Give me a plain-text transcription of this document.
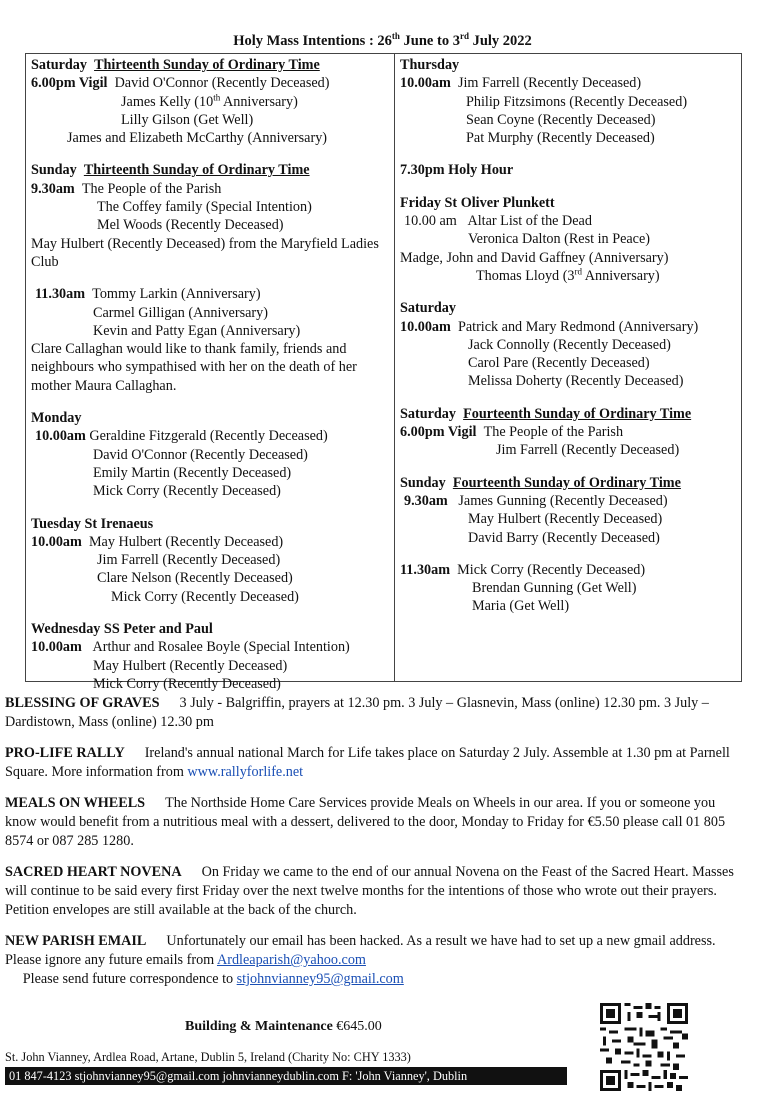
Holy Mass Intentions : 26th June to 3rd July 2022
Saturday Thirteenth Sunday of Ordinary Time
6.00pm Vigil David O'Connor (Recently Deceased)
James Kelly (10th Anniversary)
Lilly Gilson (Get Well)
James and Elizabeth McCarthy (Anniversary)
Sunday Thirteenth Sunday of Ordinary Time
9.30am The People of the Parish
The Coffey family (Special Intention)
Mel Woods (Recently Deceased)
May Hulbert (Recently Deceased) from the Maryfield Ladies Club
11.30am Tommy Larkin (Anniversary)
Carmel Gilligan (Anniversary)
Kevin and Patty Egan (Anniversary)
Clare Callaghan would like to thank family, friends and neighbours who sympathised with her on the death of her mother Maura Callaghan.
Monday
10.00am Geraldine Fitzgerald (Recently Deceased)
David O'Connor (Recently Deceased)
Emily Martin (Recently Deceased)
Mick Corry (Recently Deceased)
Tuesday St Irenaeus
10.00am May Hulbert (Recently Deceased)
Jim Farrell (Recently Deceased)
Clare Nelson (Recently Deceased)
Mick Corry (Recently Deceased)
Wednesday SS Peter and Paul
10.00am Arthur and Rosalee Boyle (Special Intention)
May Hulbert (Recently Deceased)
Mick Corry (Recently Deceased)
Thursday
10.00am Jim Farrell (Recently Deceased)
Philip Fitzsimons (Recently Deceased)
Sean Coyne (Recently Deceased)
Pat Murphy (Recently Deceased)
7.30pm Holy Hour
Friday St Oliver Plunkett
10.00 am Altar List of the Dead
Veronica Dalton (Rest in Peace)
Madge, John and David Gaffney (Anniversary)
Thomas Lloyd (3rd Anniversary)
Saturday
10.00am Patrick and Mary Redmond (Anniversary)
Jack Connolly (Recently Deceased)
Carol Pare (Recently Deceased)
Melissa Doherty (Recently Deceased)
Saturday Fourteenth Sunday of Ordinary Time
6.00pm Vigil The People of the Parish
Jim Farrell (Recently Deceased)
Sunday Fourteenth Sunday of Ordinary Time
9.30am James Gunning (Recently Deceased)
May Hulbert (Recently Deceased)
David Barry (Recently Deceased)
11.30am Mick Corry (Recently Deceased)
Brendan Gunning (Get Well)
Maria (Get Well)
BLESSING OF GRAVES 3 July - Balgriffin, prayers at 12.30 pm. 3 July – Glasnevin, Mass (online) 12.30 pm. 3 July – Dardistown, Mass (online) 12.30 pm
PRO-LIFE RALLY Ireland's annual national March for Life takes place on Saturday 2 July. Assemble at 1.30 pm at Parnell Square. More information from www.rallyforlife.net
MEALS ON WHEELS The Northside Home Care Services provide Meals on Wheels in our area. If you or someone you know would benefit from a nutritious meal with a dessert, delivered to the door, Monday to Friday for €5.50 please call 01 805 8574 or 087 285 1280.
SACRED HEART NOVENA On Friday we came to the end of our annual Novena on the Feast of the Sacred Heart. Masses will continue to be said every first Friday over the next twelve months for the intentions of those who wrote out their prayers. Petition envelopes are still available at the back of the church.
NEW PARISH EMAIL Unfortunately our email has been hacked. As a result we have had to set up a new gmail address. Please ignore any future emails from Ardleaparish@yahoo.com     Please send future correspondence to stjohnvianney95@gmail.com
Building & Maintenance €645.00
St. John Vianney, Ardlea Road, Artane, Dublin 5, Ireland (Charity No: CHY 1333)
01 847-4123 stjohnvianney95@gmail.com johnvianneydublin.com F: 'John Vianney', Dublin
